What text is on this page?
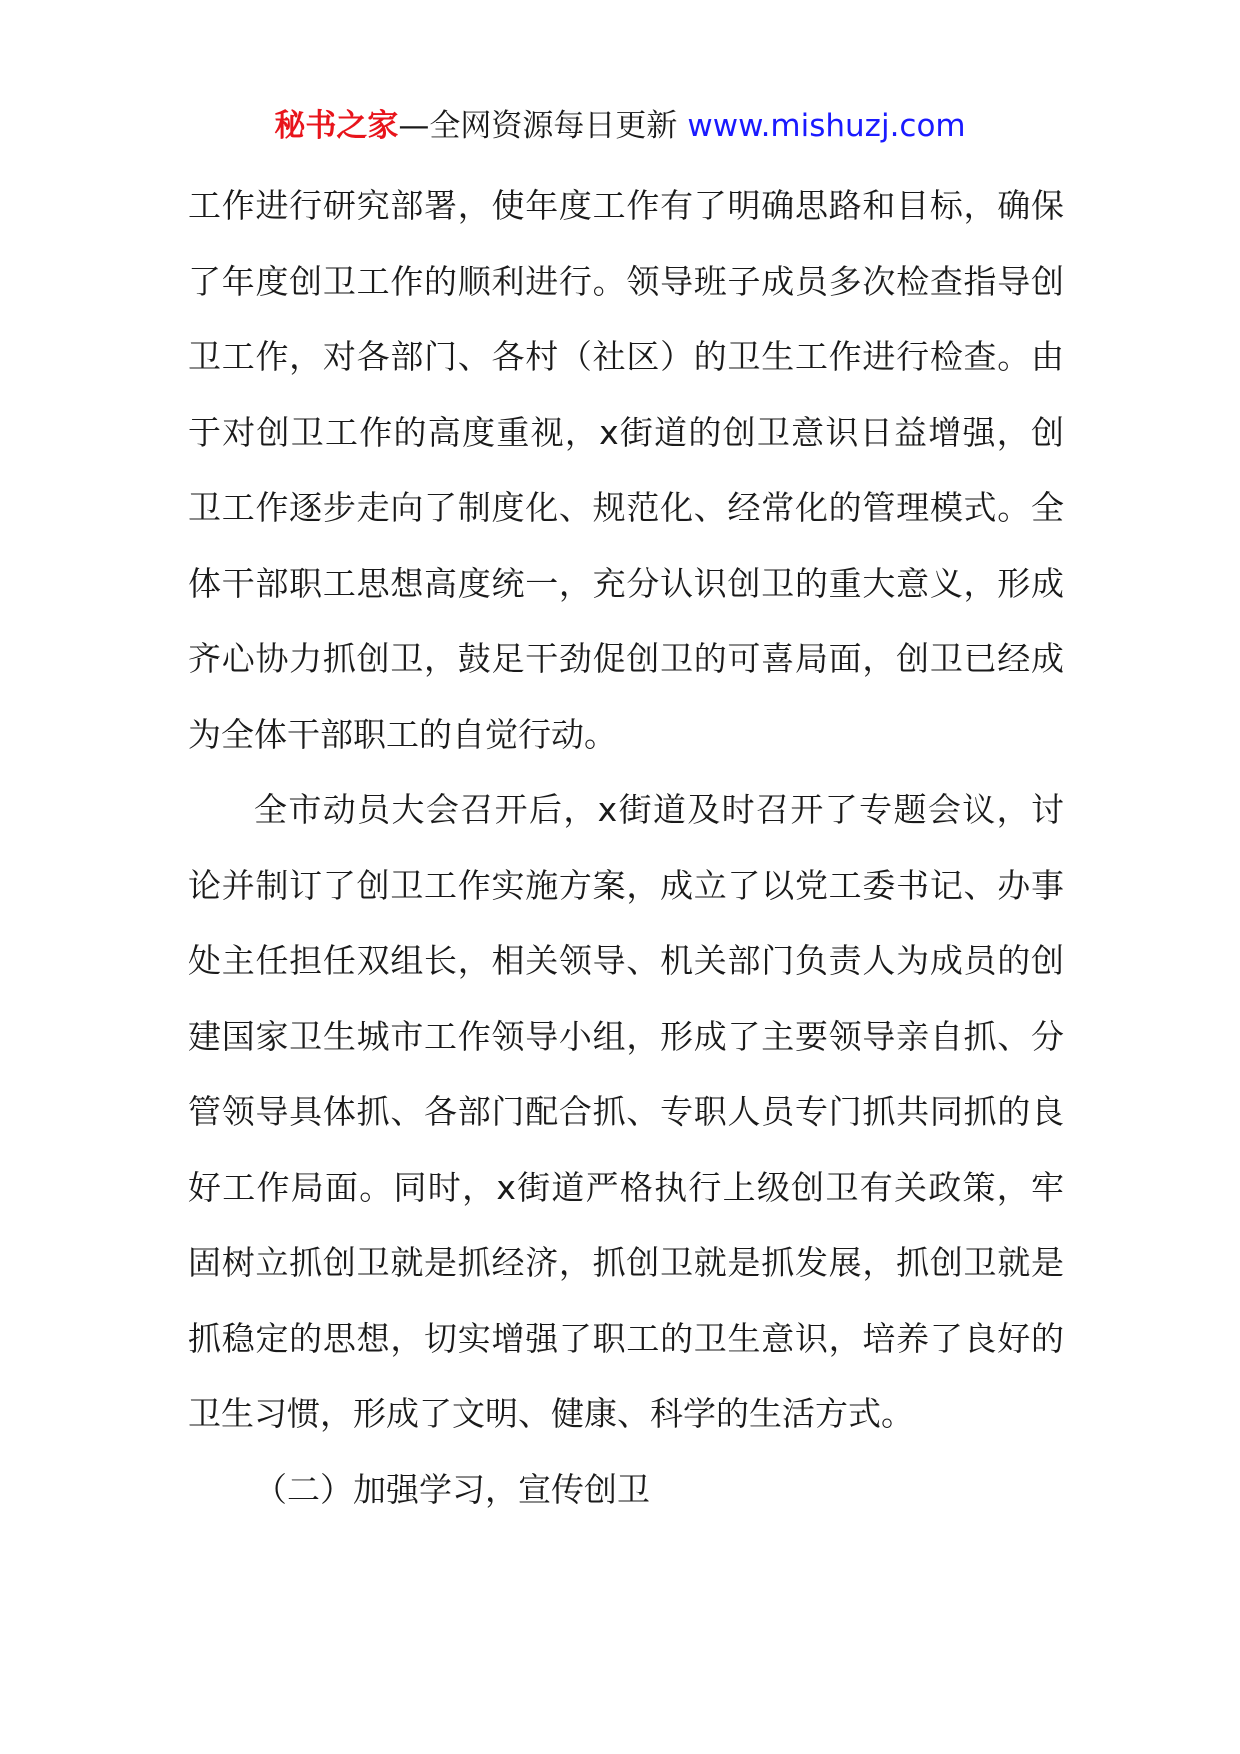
秘书之家—全网资源每日更新 www.mishuzj.com

工作进行研究部署，使年度工作有了明确思路和目标，确保了年度创卫工作的顺利进行。领导班子成员多次检查指导创卫工作，对各部门、各村（社区）的卫生工作进行检查。由于对创卫工作的高度重视，x街道的创卫意识日益增强，创卫工作逐步走向了制度化、规范化、经常化的管理模式。全体干部职工思想高度统一，充分认识创卫的重大意义，形成齐心协力抓创卫，鼓足干劲促创卫的可喜局面，创卫已经成为全体干部职工的自觉行动。

全市动员大会召开后，x街道及时召开了专题会议，讨论并制订了创卫工作实施方案，成立了以党工委书记、办事处主任担任双组长，相关领导、机关部门负责人为成员的创建国家卫生城市工作领导小组，形成了主要领导亲自抓、分管领导具体抓、各部门配合抓、专职人员专门抓共同抓的良好工作局面。同时，x街道严格执行上级创卫有关政策，牢固树立抓创卫就是抓经济，抓创卫就是抓发展，抓创卫就是抓稳定的思想，切实增强了职工的卫生意识，培养了良好的卫生习惯，形成了文明、健康、科学的生活方式。

（二）加强学习，宣传创卫
